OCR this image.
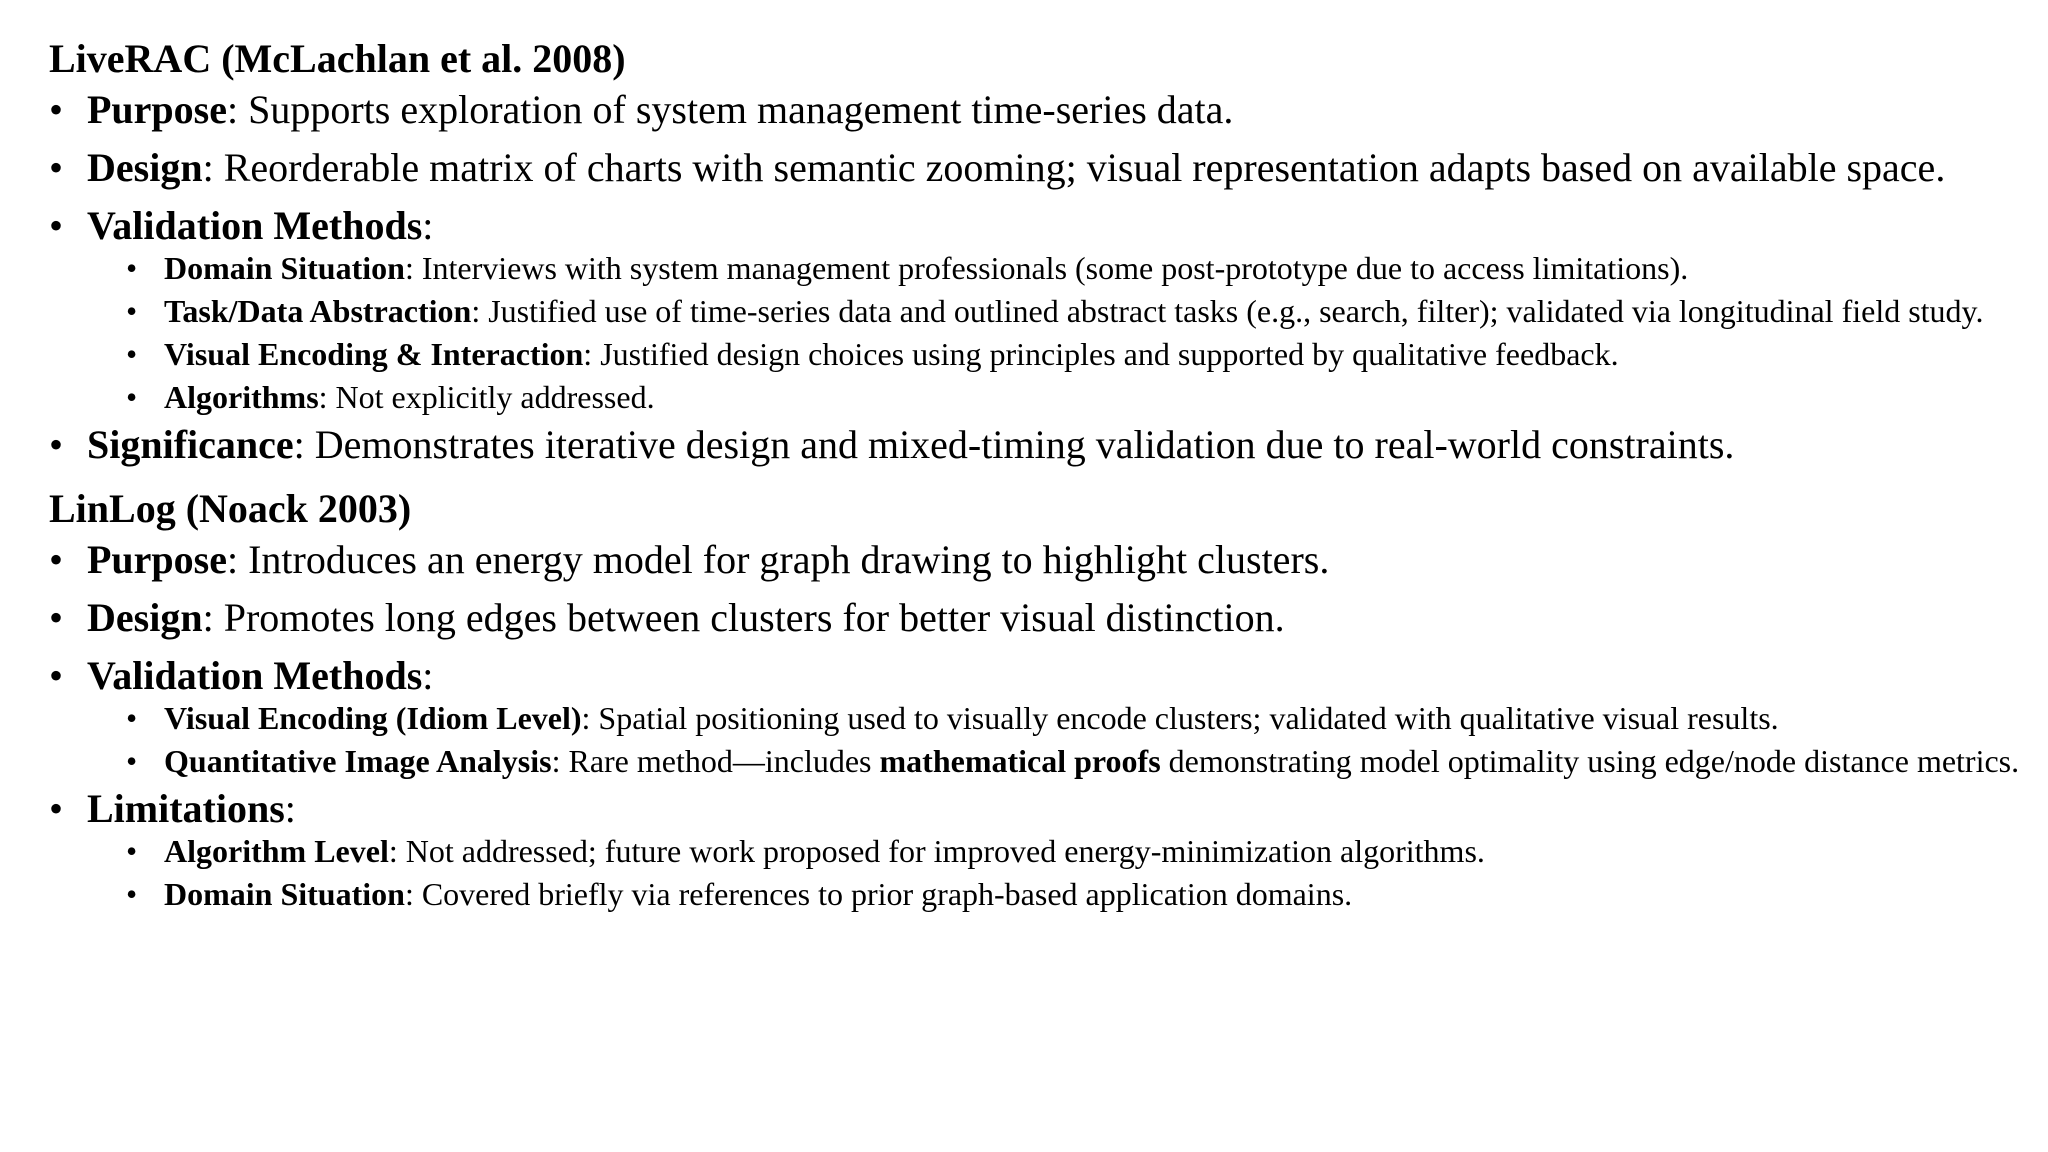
LiveRAC (McLachlan et al. 2008)
• Purpose: Supports exploration of system management time-series data.
• Design: Reorderable matrix of charts with semantic zooming; visual representation adapts based on available space.
• Validation Methods:
• Domain Situation: Interviews with system management professionals (some post-prototype due to access limitations).
• Task/Data Abstraction: Justified use of time-series data and outlined abstract tasks (e.g., search, filter); validated via longitudinal field study.
• Visual Encoding & Interaction: Justified design choices using principles and supported by qualitative feedback.
• Algorithms: Not explicitly addressed.
• Significance: Demonstrates iterative design and mixed-timing validation due to real-world constraints.
LinLog (Noack 2003)
• Purpose: Introduces an energy model for graph drawing to highlight clusters.
• Design: Promotes long edges between clusters for better visual distinction.
• Validation Methods:
• Visual Encoding (Idiom Level): Spatial positioning used to visually encode clusters; validated with qualitative visual results.
• Quantitative Image Analysis: Rare method—includes mathematical proofs demonstrating model optimality using edge/node distance metrics.
• Limitations:
• Algorithm Level: Not addressed; future work proposed for improved energy-minimization algorithms.
• Domain Situation: Covered briefly via references to prior graph-based application domains.
